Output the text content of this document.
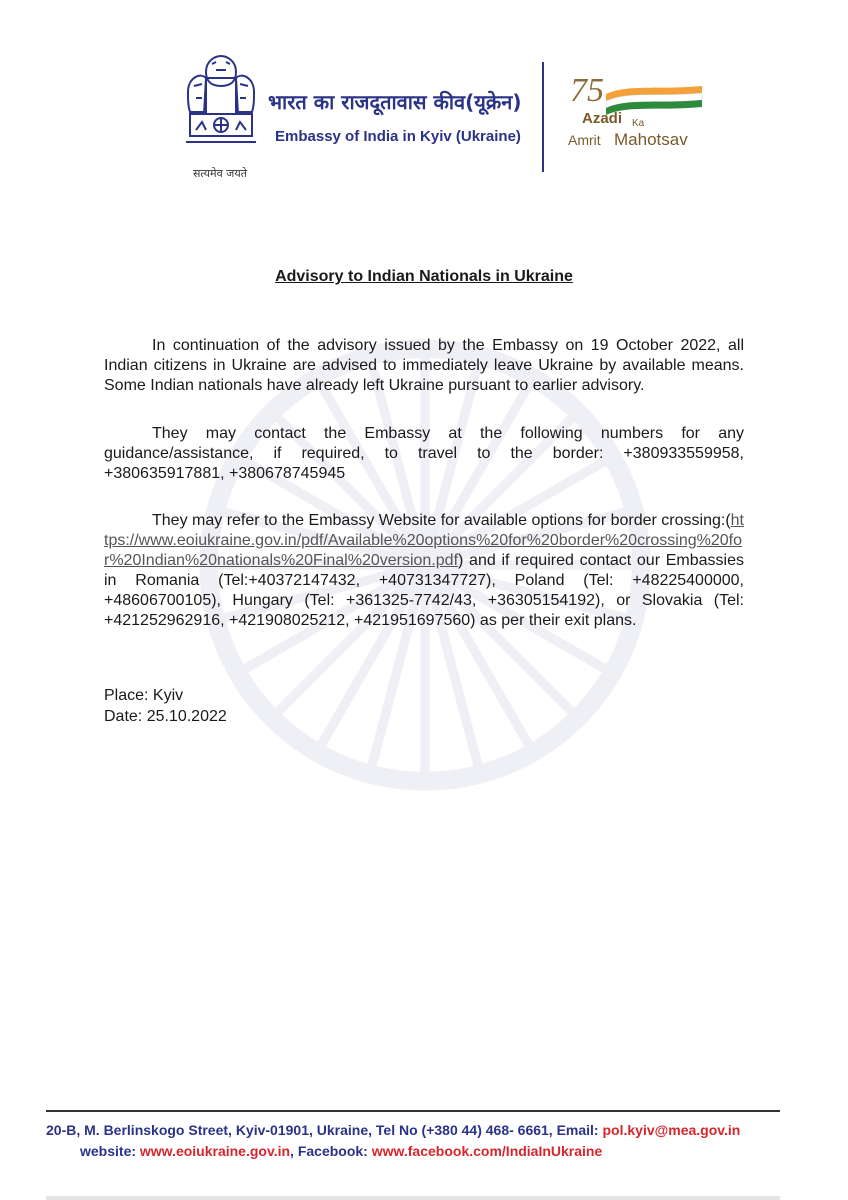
सत्यमेव जयते
भारत का राजदूतावास कीव(यूक्रेन)
Embassy of India in Kyiv (Ukraine)
75
Azadi Ka
Amrit Mahotsav
Advisory to Indian Nationals in Ukraine
In continuation of the advisory issued by the Embassy on 19 October 2022, all Indian citizens in Ukraine are advised to immediately leave Ukraine by available means. Some Indian nationals have already left Ukraine pursuant to earlier advisory.
They may contact the Embassy at the following numbers for any guidance/assistance, if required, to travel to the border: +380933559958, +380635917881, +380678745945
They may refer to the Embassy Website for available options for border crossing:(https://www.eoiukraine.gov.in/pdf/Available%20options%20for%20border%20crossing%20for%20Indian%20nationals%20Final%20version.pdf) and if required contact our Embassies in Romania (Tel:+40372147432, +40731347727), Poland (Tel: +48225400000, +48606700105), Hungary (Tel: +361325-7742/43, +36305154192), or Slovakia (Tel: +421252962916, +421908025212, +421951697560) as per their exit plans.
Place: Kyiv
Date: 25.10.2022
20-B, M. Berlinskogo Street, Kyiv-01901, Ukraine, Tel No (+380 44) 468- 6661, Email: pol.kyiv@mea.gov.in
website: www.eoiukraine.gov.in, Facebook: www.facebook.com/IndiaInUkraine
